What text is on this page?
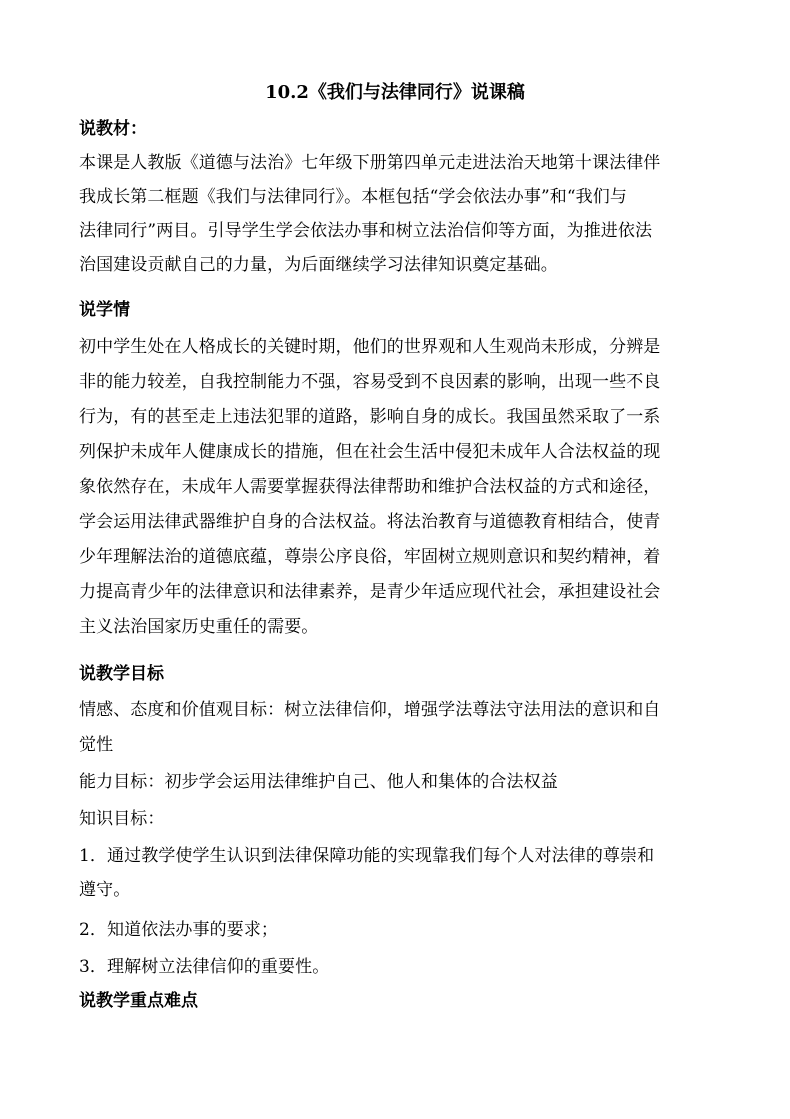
10.2《我们与法律同行》说课稿
说教材：
本课是人教版《道德与法治》七年级下册第四单元走进法治天地第十课法律伴
我成长第二框题《我们与法律同行》。本框包括“学会依法办事”和“我们与
法律同行”两目。引导学生学会依法办事和树立法治信仰等方面，为推进依法
治国建设贡献自己的力量，为后面继续学习法律知识奠定基础。
说学情
初中学生处在人格成长的关键时期，他们的世界观和人生观尚未形成，分辨是
非的能力较差，自我控制能力不强，容易受到不良因素的影响，出现一些不良
行为，有的甚至走上违法犯罪的道路，影响自身的成长。我国虽然采取了一系
列保护未成年人健康成长的措施，但在社会生活中侵犯未成年人合法权益的现
象依然存在，未成年人需要掌握获得法律帮助和维护合法权益的方式和途径，
学会运用法律武器维护自身的合法权益。将法治教育与道德教育相结合，使青
少年理解法治的道德底蕴，尊崇公序良俗，牢固树立规则意识和契约精神，着
力提高青少年的法律意识和法律素养，是青少年适应现代社会，承担建设社会
主义法治国家历史重任的需要。
说教学目标
情感、态度和价值观目标：树立法律信仰，增强学法尊法守法用法的意识和自
觉性
能力目标：初步学会运用法律维护自己、他人和集体的合法权益
知识目标：
1．通过教学使学生认识到法律保障功能的实现靠我们每个人对法律的尊崇和
遵守。
2．知道依法办事的要求；
3．理解树立法律信仰的重要性。
说教学重点难点
